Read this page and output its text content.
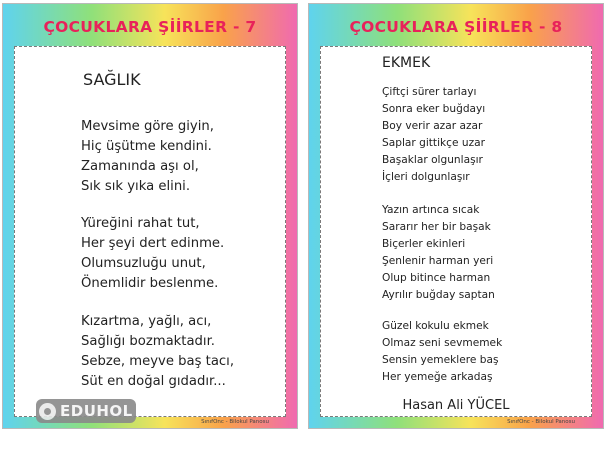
ÇOCUKLARA ŞİİRLER - 7
SAĞLIK
Mevsime göre giyin,
Hiç üşütme kendini.
Zamanında aşı ol,
Sık sık yıka elini.
Yüreğini rahat tut,
Her şeyi dert edinme.
Olumsuzluğu unut,
Önemlidir beslenme.
Kızartma, yağlı, acı,
Sağlığı bozmaktadır.
Sebze, meyve baş tacı,
Süt en doğal gıdadır...
EDUHOL
SınıfOnc - Bilokul Panosu
ÇOCUKLARA ŞİİRLER - 8
EKMEK
Çiftçi sürer tarlayı
Sonra eker buğdayı
Boy verir azar azar
Saplar gittikçe uzar
Başaklar olgunlaşır
İçleri dolgunlaşır
Yazın artınca sıcak
Sararır her bir başak
Biçerler ekinleri
Şenlenir harman yeri
Olup bitince harman
Ayrılır buğday saptan
Güzel kokulu ekmek
Olmaz seni sevmemek
Sensin yemeklere baş
Her yemeğe arkadaş
Hasan Ali YÜCEL
SınıfOnc - Bilokul Panosu
